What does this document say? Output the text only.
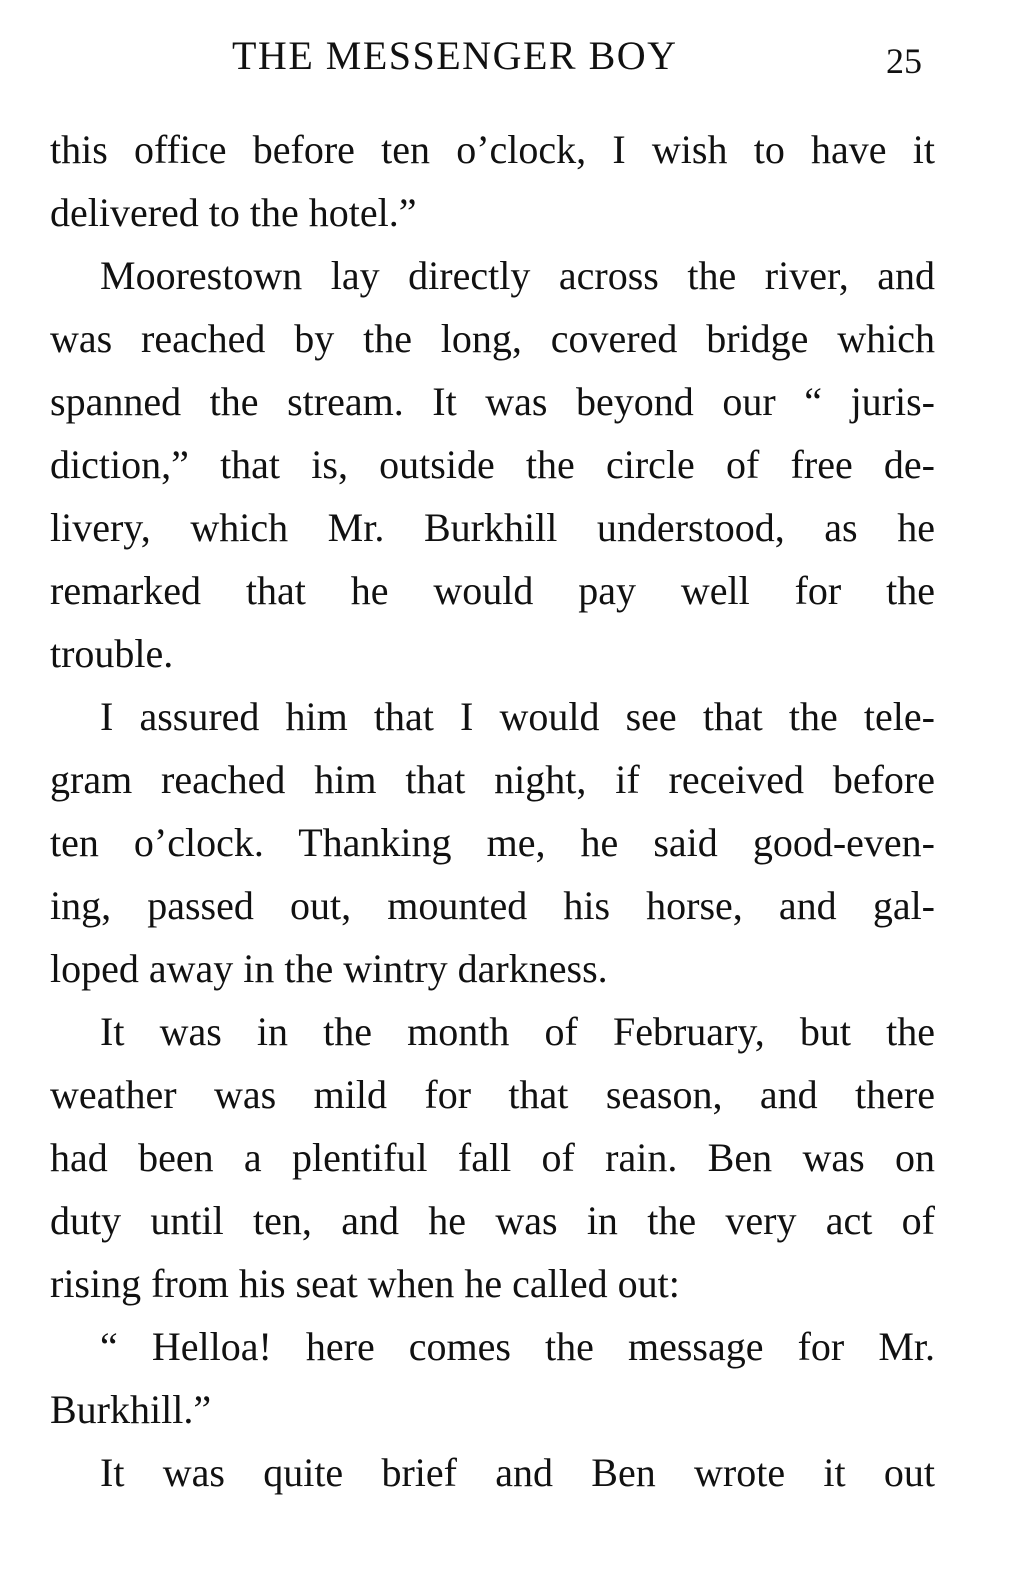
THE MESSENGER BOY	25
this office before ten o’clock, I wish to have it
delivered to the hotel.”
Moorestown lay directly across the river, and
was reached by the long, covered bridge which
spanned the stream. It was beyond our “ juris-
diction,” that is, outside the circle of free de-
livery, which Mr. Burkhill understood, as he
remarked that he would pay well for the
trouble.
I assured him that I would see that the tele-
gram reached him that night, if received before
ten o’clock. Thanking me, he said good-even-
ing, passed out, mounted his horse, and gal-
loped away in the wintry darkness.
It was in the month of February, but the
weather was mild for that season, and there
had been a plentiful fall of rain. Ben was on
duty until ten, and he was in the very act of
rising from his seat when he called out:
“ Helloa! here comes the message for Mr.
Burkhill.”
It was quite brief and Ben wrote it out
